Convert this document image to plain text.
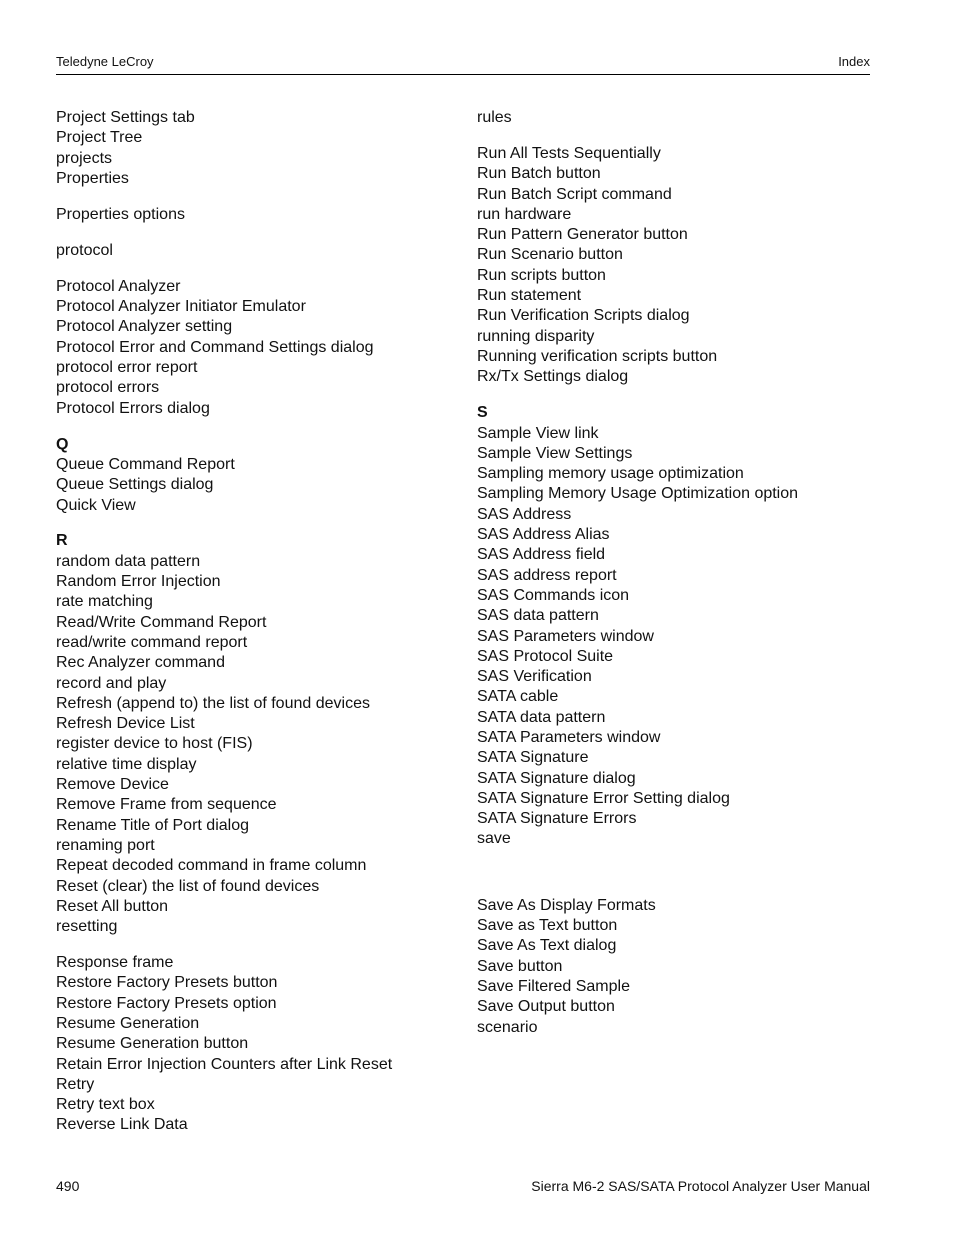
Teledyne LeCroy	Index
Project Settings tab
Project Tree
projects
Properties
Properties options
protocol
Protocol Analyzer
Protocol Analyzer Initiator Emulator
Protocol Analyzer setting
Protocol Error and Command Settings dialog
protocol error report
protocol errors
Protocol Errors dialog
Q
Queue Command Report
Queue Settings dialog
Quick View
R
random data pattern
Random Error Injection
rate matching
Read/Write Command Report
read/write command report
Rec Analyzer command
record and play
Refresh (append to) the list of found devices
Refresh Device List
register device to host (FIS)
relative time display
Remove Device
Remove Frame from sequence
Rename Title of Port dialog
renaming port
Repeat decoded command in frame column
Reset (clear) the list of found devices
Reset All button
resetting
Response frame
Restore Factory Presets button
Restore Factory Presets option
Resume Generation
Resume Generation button
Retain Error Injection Counters after Link Reset
Retry
Retry text box
Reverse Link Data
rules
Run All Tests Sequentially
Run Batch button
Run Batch Script command
run hardware
Run Pattern Generator button
Run Scenario button
Run scripts button
Run statement
Run Verification Scripts dialog
running disparity
Running verification scripts button
Rx/Tx Settings dialog
S
Sample View link
Sample View Settings
Sampling memory usage optimization
Sampling Memory Usage Optimization option
SAS Address
SAS Address Alias
SAS Address field
SAS address report
SAS Commands icon
SAS data pattern
SAS Parameters window
SAS Protocol Suite
SAS Verification
SATA cable
SATA data pattern
SATA Parameters window
SATA Signature
SATA Signature dialog
SATA Signature Error Setting dialog
SATA Signature Errors
save
Save As Display Formats
Save as Text button
Save As Text dialog
Save button
Save Filtered Sample
Save Output button
scenario
490	Sierra M6-2 SAS/SATA Protocol Analyzer User Manual
